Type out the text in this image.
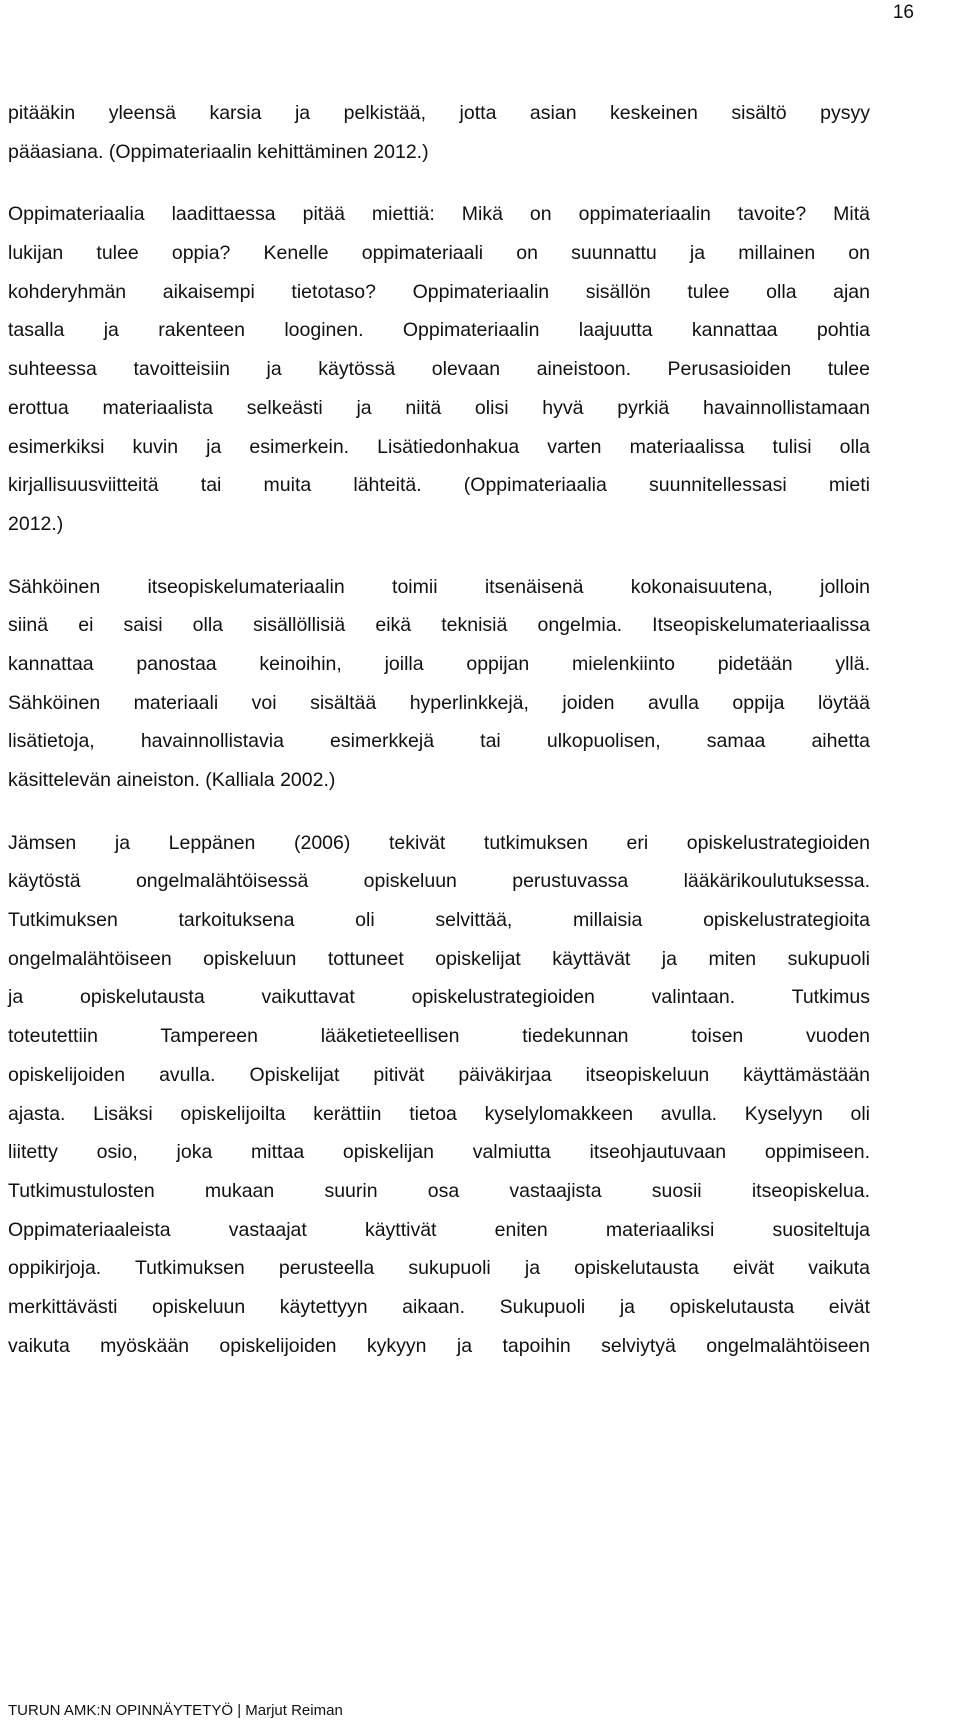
16
pitääkin yleensä karsia ja pelkistää, jotta asian keskeinen sisältö pysyy
pääasiana. (Oppimateriaalin kehittäminen 2012.)
Oppimateriaalia laadittaessa pitää miettiä: Mikä on oppimateriaalin tavoite? Mitä
lukijan tulee oppia? Kenelle oppimateriaali on suunnattu ja millainen on
kohderyhmän aikaisempi tietotaso? Oppimateriaalin sisällön tulee olla ajan
tasalla ja rakenteen looginen. Oppimateriaalin laajuutta kannattaa pohtia
suhteessa tavoitteisiin ja käytössä olevaan aineistoon. Perusasioiden tulee
erottua materiaalista selkeästi ja niitä olisi hyvä pyrkiä havainnollistamaan
esimerkiksi kuvin ja esimerkein. Lisätiedonhakua varten materiaalissa tulisi olla
kirjallisuusviitteitä tai muita lähteitä. (Oppimateriaalia suunnitellessasi mieti
2012.)
Sähköinen itseopiskelumateriaalin toimii itsenäisenä kokonaisuutena, jolloin
siinä ei saisi olla sisällöllisiä eikä teknisiä ongelmia. Itseopiskelumateriaalissa
kannattaa panostaa keinoihin, joilla oppijan mielenkiinto pidetään yllä.
Sähköinen materiaali voi sisältää hyperlinkkejä, joiden avulla oppija löytää
lisätietoja, havainnollistavia esimerkkejä tai ulkopuolisen, samaa aihetta
käsittelevän aineiston. (Kalliala 2002.)
Jämsen ja Leppänen (2006) tekivät tutkimuksen eri opiskelustrategioiden
käytöstä ongelmalähtöisessä opiskeluun perustuvassa lääkärikoulutuksessa.
Tutkimuksen tarkoituksena oli selvittää, millaisia opiskelustrategioita
ongelmalähtöiseen opiskeluun tottuneet opiskelijat käyttävät ja miten sukupuoli
ja opiskelutausta vaikuttavat opiskelustrategioiden valintaan. Tutkimus
toteutettiin Tampereen lääketieteellisen tiedekunnan toisen vuoden
opiskelijoiden avulla. Opiskelijat pitivät päiväkirjaa itseopiskeluun käyttämästään
ajasta. Lisäksi opiskelijoilta kerättiin tietoa kyselylomakkeen avulla. Kyselyyn oli
liitetty osio, joka mittaa opiskelijan valmiutta itseohjautuvaan oppimiseen.
Tutkimustulosten mukaan suurin osa vastaajista suosii itseopiskelua.
Oppimateriaaleista vastaajat käyttivät eniten materiaaliksi suositeltuja
oppikirjoja. Tutkimuksen perusteella sukupuoli ja opiskelutausta eivät vaikuta
merkittävästi opiskeluun käytettyyn aikaan. Sukupuoli ja opiskelutausta eivät
vaikuta myöskään opiskelijoiden kykyyn ja tapoihin selviytyä ongelmalähtöiseen
TURUN AMK:N OPINNÄYTETYÖ | Marjut Reiman
